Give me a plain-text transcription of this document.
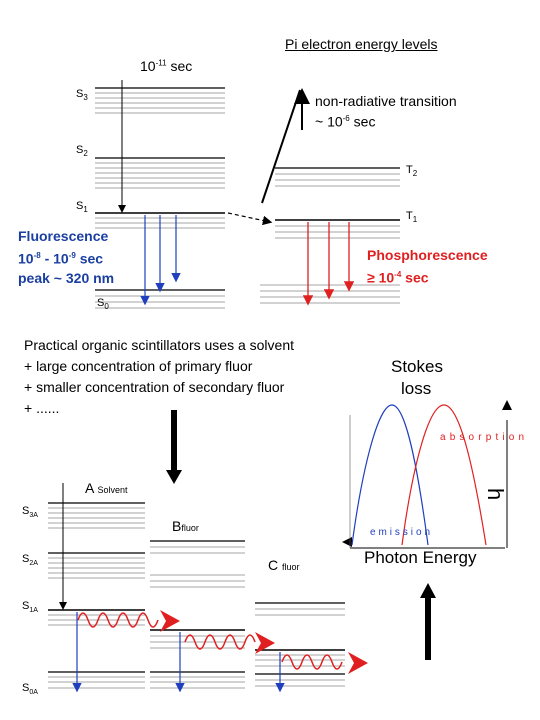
emission
absorption
Pi electron energy levels
$10^{-11}$ sec
non-radiative transition
~ $10^{-6}$ sec
$S_3$
$S_2$
$S_1$
$S_0$
$T_2$
$T_1$
Fluorescence
$10^{-8} - 10^{-9}$ sec
peak ~ 320 nm
Phosphorescence
≥ $10^{-4}$ sec
Practical organic scintillators uses a solvent
+ large concentration of primary fluor
+ smaller concentration of secondary fluor
+ ......
Stokes
loss
Photon Energy
h
A Solvent
Bfluor
C fluor
$S_{3A}$
$S_{2A}$
$S_{1A}$
$S_{0A}$
